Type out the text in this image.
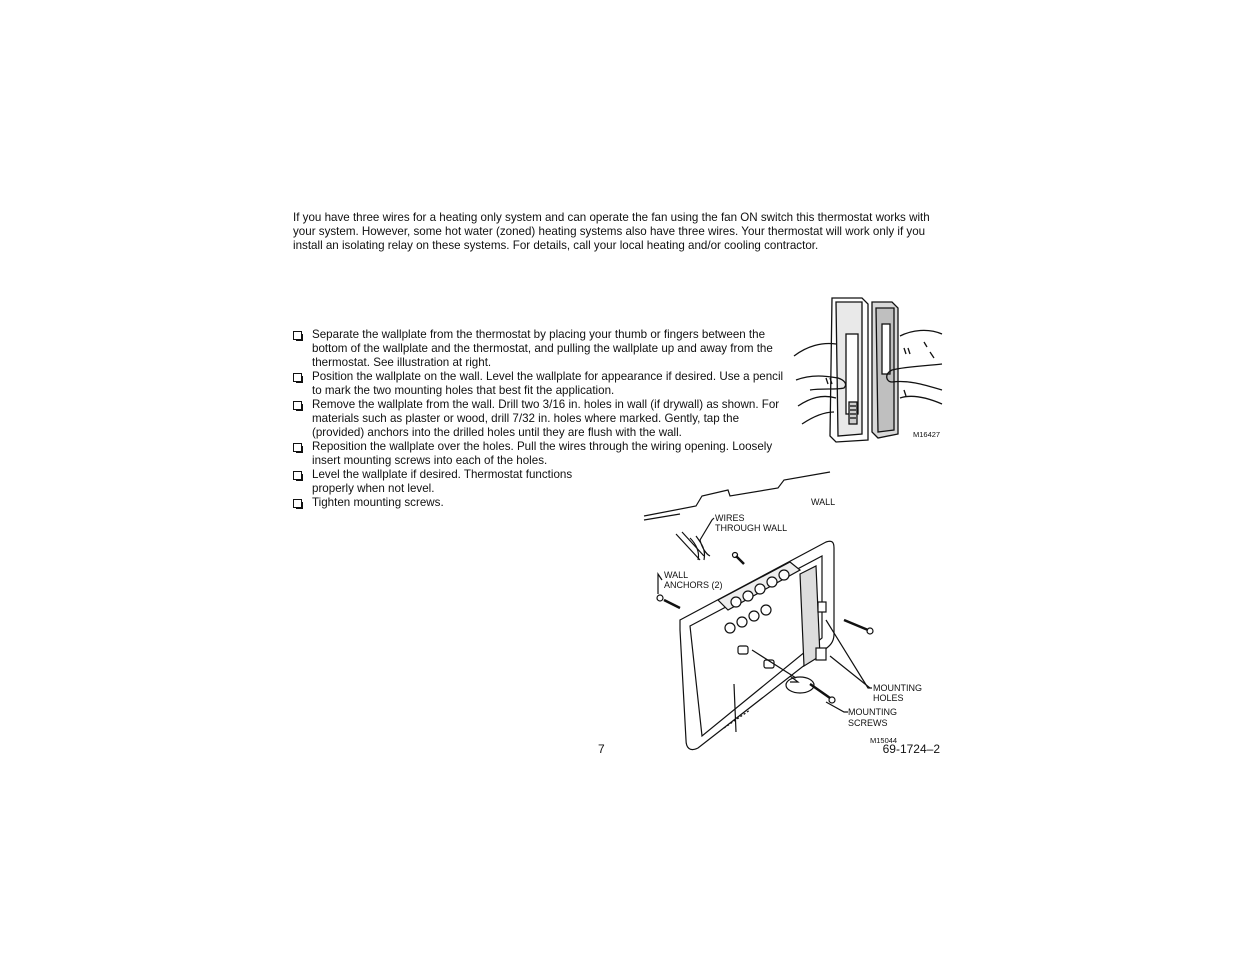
If you have three wires for a heating only system and can operate the fan using the fan ON switch this thermostat works with your system. However, some hot water (zoned) heating systems also have three wires. Your thermostat will work only if you install an isolating relay on these systems. For details, call your local heating and/or cooling contractor.

Separate the wallplate from the thermostat by placing your thumb or fingers between the bottom of the wallplate and the thermostat, and pulling the wallplate up and away from the thermostat. See illustration at right.
Position the wallplate on the wall. Level the wallplate for appearance if desired. Use a pencil to mark the two mounting holes that best fit the application.
Remove the wallplate from the wall. Drill two 3/16 in. holes in wall (if drywall) as shown. For materials such as plaster or wood, drill 7/32 in. holes where marked. Gently, tap the (provided) anchors into the drilled holes until they are flush with the wall.
Reposition the wallplate over the holes. Pull the wires through the wiring opening. Loosely insert mounting screws into each of the holes.
Level the wallplate if desired. Thermostat functions properly when not level.
Tighten mounting screws.
M16427
WALL
WIRES
THROUGH WALL
WALL
ANCHORS (2)
MOUNTING
HOLES
MOUNTING
SCREWS
M15044
7	69-1724–2
